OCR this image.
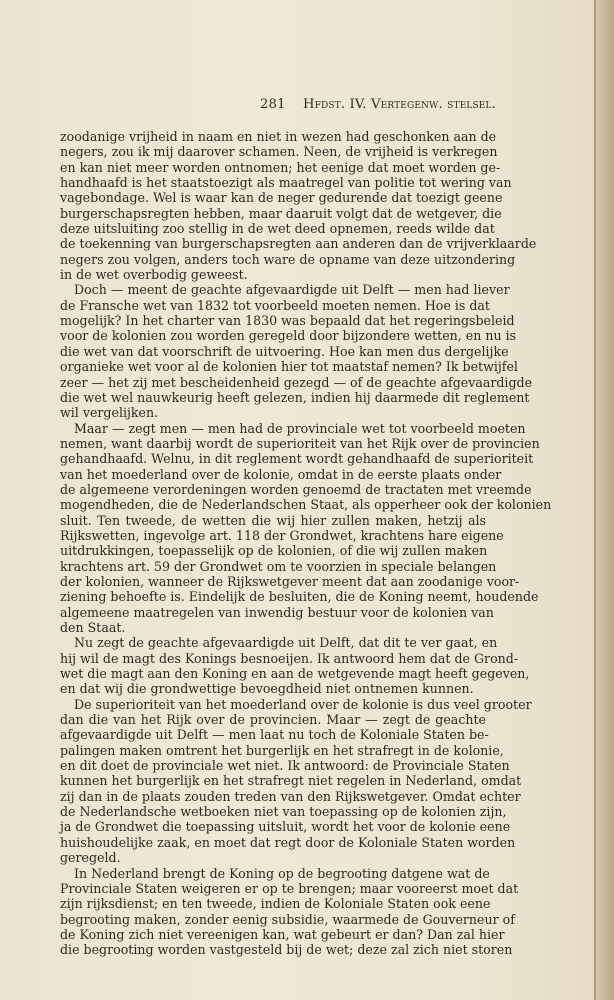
281 Hfdst. IV. Vertegenw. stelsel.
zoodanige vrijheid in naam en niet in wezen had geschonken aan de
negers, zou ik mij daarover schamen. Neen, de vrijheid is verkregen
en kan niet meer worden ontnomen; het eenige dat moet worden ge-
handhaafd is het staatstoezigt als maatregel van politie tot wering van
vagebondage. Wel is waar kan de neger gedurende dat toezigt geene
burgerschapsregten hebben, maar daaruit volgt dat de wetgever, die
deze uitsluiting zoo stellig in de wet deed opnemen, reeds wilde dat
de toekenning van burgerschapsregten aan anderen dan de vrijverklaarde
negers zou volgen, anders toch ware de opname van deze uitzondering
in de wet overbodig geweest.
Doch — meent de geachte afgevaardigde uit Delft — men had liever
de Fransche wet van 1832 tot voorbeeld moeten nemen. Hoe is dat
mogelijk? In het charter van 1830 was bepaald dat het regeringsbeleid
voor de kolonien zou worden geregeld door bijzondere wetten, en nu is
die wet van dat voorschrift de uitvoering. Hoe kan men dus dergelijke
organieke wet voor al de kolonien hier tot maatstaf nemen? Ik betwijfel
zeer — het zij met bescheidenheid gezegd — of de geachte afgevaardigde
die wet wel nauwkeurig heeft gelezen, indien hij daarmede dit reglement
wil vergelijken.
Maar — zegt men — men had de provinciale wet tot voorbeeld moeten
nemen, want daarbij wordt de superioriteit van het Rijk over de provincien
gehandhaafd. Welnu, in dit reglement wordt gehandhaafd de superioriteit
van het moederland over de kolonie, omdat in de eerste plaats onder
de algemeene verordeningen worden genoemd de tractaten met vreemde
mogendheden, die de Nederlandschen Staat, als opperheer ook der kolonien
sluit. Ten tweede, de wetten die wij hier zullen maken, hetzij als
Rijkswetten, ingevolge art. 118 der Grondwet, krachtens hare eigene
uitdrukkingen, toepasselijk op de kolonien, of die wij zullen maken
krachtens art. 59 der Grondwet om te voorzien in speciale belangen
der kolonien, wanneer de Rijkswetgever meent dat aan zoodanige voor-
ziening behoefte is. Eindelijk de besluiten, die de Koning neemt, houdende
algemeene maatregelen van inwendig bestuur voor de kolonien van
den Staat.
Nu zegt de geachte afgevaardigde uit Delft, dat dit te ver gaat, en
hij wil de magt des Konings besnoeijen. Ik antwoord hem dat de Grond-
wet die magt aan den Koning en aan de wetgevende magt heeft gegeven,
en dat wij die grondwettige bevoegdheid niet ontnemen kunnen.
De superioriteit van het moederland over de kolonie is dus veel grooter
dan die van het Rijk over de provincien. Maar — zegt de geachte
afgevaardigde uit Delft — men laat nu toch de Koloniale Staten be-
palingen maken omtrent het burgerlijk en het strafregt in de kolonie,
en dit doet de provinciale wet niet. Ik antwoord: de Provinciale Staten
kunnen het burgerlijk en het strafregt niet regelen in Nederland, omdat
zij dan in de plaats zouden treden van den Rijkswetgever. Omdat echter
de Nederlandsche wetboeken niet van toepassing op de kolonien zijn,
ja de Grondwet die toepassing uitsluit, wordt het voor de kolonie eene
huishoudelijke zaak, en moet dat regt door de Koloniale Staten worden
geregeld.
In Nederland brengt de Koning op de begrooting datgene wat de
Provinciale Staten weigeren er op te brengen; maar vooreerst moet dat
zijn rijksdienst; en ten tweede, indien de Koloniale Staten ook eene
begrooting maken, zonder eenig subsidie, waarmede de Gouverneur of
de Koning zich niet vereenigen kan, wat gebeurt er dan? Dan zal hier
die begrooting worden vastgesteld bij de wet; deze zal zich niet storen
